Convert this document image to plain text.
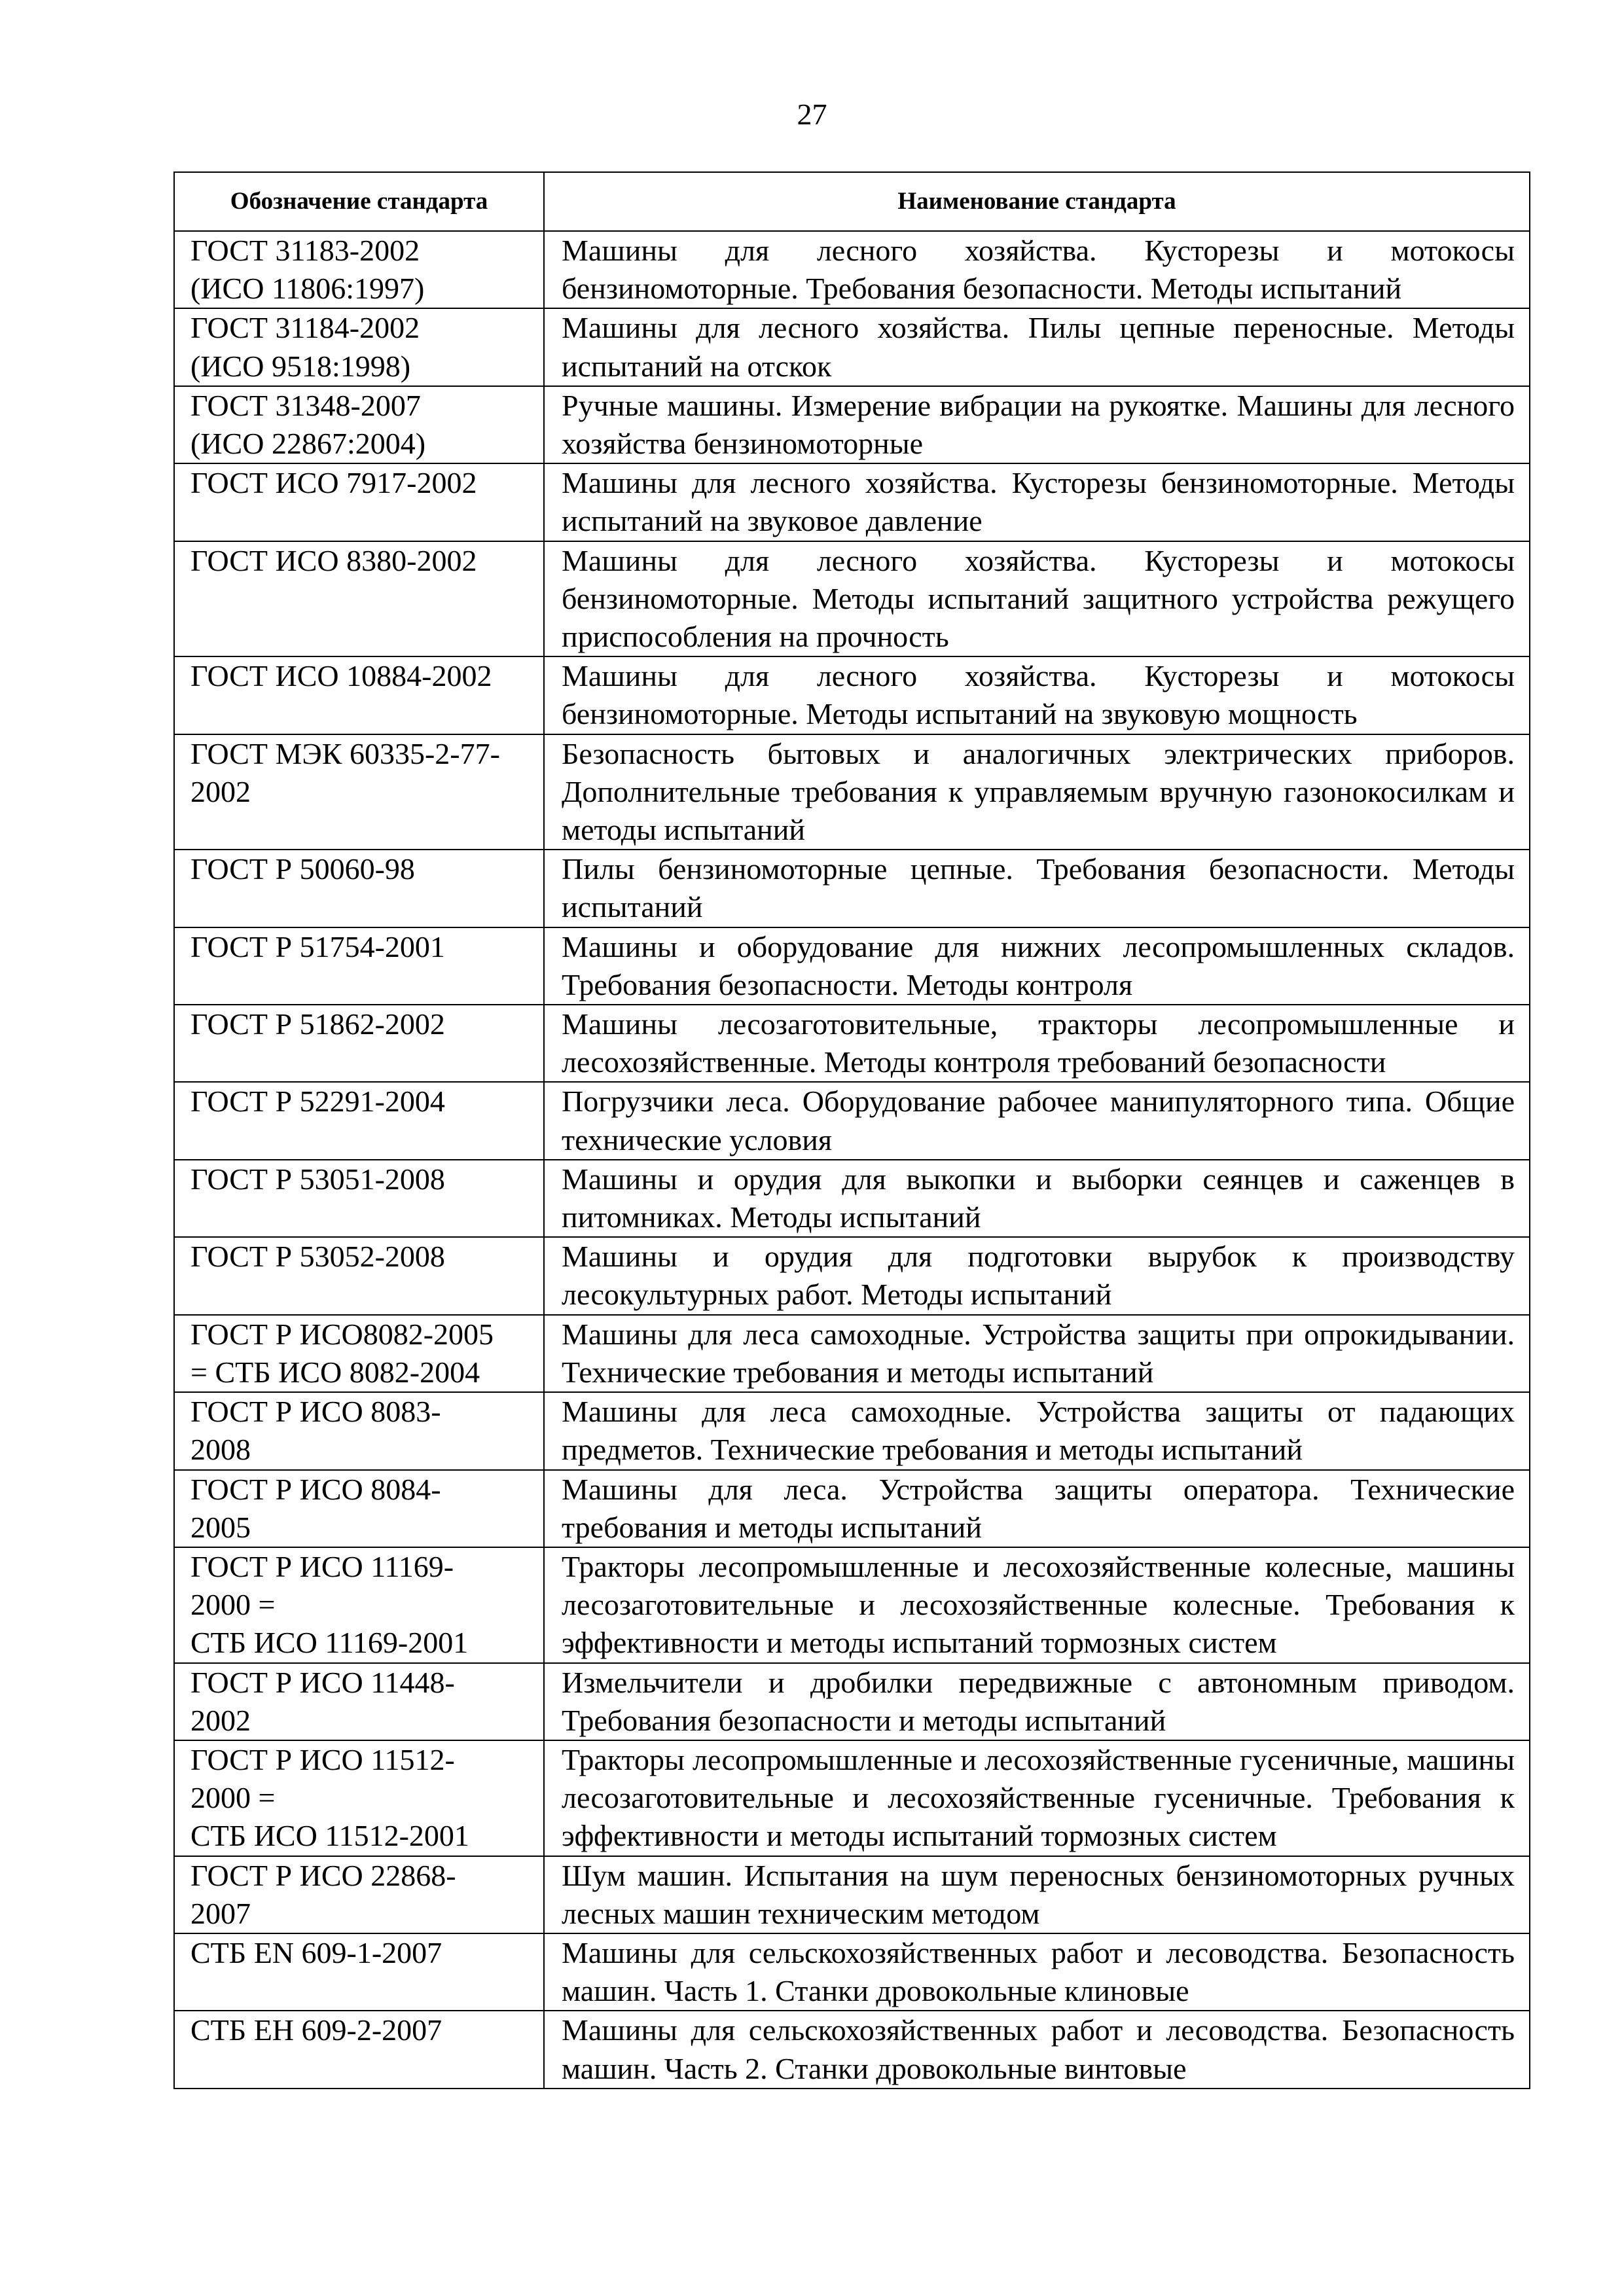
27
Обозначение стандарта	Наименование стандарта

ГОСТ 31183-2002
(ИСО 11806:1997)	Машины для лесного хозяйства. Кусторезы и мотокосы бензиномоторные. Требования безопасности. Методы испытаний

ГОСТ 31184-2002
(ИСО 9518:1998)	Машины для лесного хозяйства. Пилы цепные переносные. Методы испытаний на отскок

ГОСТ 31348-2007
(ИСО 22867:2004)	Ручные машины. Измерение вибрации на рукоятке. Машины для лесного хозяйства бензиномоторные

ГОСТ ИСО 7917-2002	Машины для лесного хозяйства. Кусторезы бензиномоторные. Методы испытаний на звуковое давление

ГОСТ ИСО 8380-2002	Машины для лесного хозяйства. Кусторезы и мотокосы бензиномоторные. Методы испытаний защитного устройства режущего приспособления на прочность

ГОСТ ИСО 10884-2002	Машины для лесного хозяйства. Кусторезы и мотокосы бензиномоторные. Методы испытаний на звуковую мощность

ГОСТ МЭК 60335-2-77-
2002	Безопасность бытовых и аналогичных электрических приборов. Дополнительные требования к управляемым вручную газонокосилкам и методы испытаний

ГОСТ Р 50060-98	Пилы бензиномоторные цепные. Требования безопасности. Методы испытаний

ГОСТ Р 51754-2001	Машины и оборудование для нижних лесопромышленных складов. Требования безопасности. Методы контроля

ГОСТ Р 51862-2002	Машины лесозаготовительные, тракторы лесопромышленные и лесохозяйственные. Методы контроля требований безопасности

ГОСТ Р 52291-2004	Погрузчики леса. Оборудование рабочее манипуляторного типа. Общие технические условия

ГОСТ Р 53051-2008	Машины и орудия для выкопки и выборки сеянцев и саженцев в питомниках. Методы испытаний

ГОСТ Р 53052-2008	Машины и орудия для подготовки вырубок к производству лесокультурных работ. Методы испытаний

ГОСТ Р ИСО8082-2005
= СТБ ИСО 8082-2004	Машины для леса самоходные. Устройства защиты при опрокидывании. Технические требования и методы испытаний

ГОСТ Р ИСО 8083-
2008	Машины для леса самоходные. Устройства защиты от падающих предметов. Технические требования и методы испытаний

ГОСТ Р ИСО 8084-
2005	Машины для леса. Устройства защиты оператора. Технические требования и методы испытаний

ГОСТ Р ИСО 11169-
2000 =
СТБ ИСО 11169-2001	Тракторы лесопромышленные и лесохозяйственные колесные, машины лесозаготовительные и лесохозяйственные колесные. Требования к эффективности и методы испытаний тормозных систем

ГОСТ Р ИСО 11448-
2002	Измельчители и дробилки передвижные с автономным приводом. Требования безопасности и методы испытаний

ГОСТ Р ИСО 11512-
2000 =
СТБ ИСО 11512-2001	Тракторы лесопромышленные и лесохозяйственные гусеничные, машины лесозаготовительные и лесохозяйственные гусеничные. Требования к эффективности и методы испытаний тормозных систем

ГОСТ Р ИСО 22868-
2007	Шум машин. Испытания на шум переносных бензиномоторных ручных лесных машин техническим методом

СТБ EN 609-1-2007	Машины для сельскохозяйственных работ и лесоводства. Безопасность машин. Часть 1. Станки дровокольные клиновые

СТБ ЕН 609-2-2007	Машины для сельскохозяйственных работ и лесоводства. Безопасность машин. Часть 2. Станки дровокольные винтовые
